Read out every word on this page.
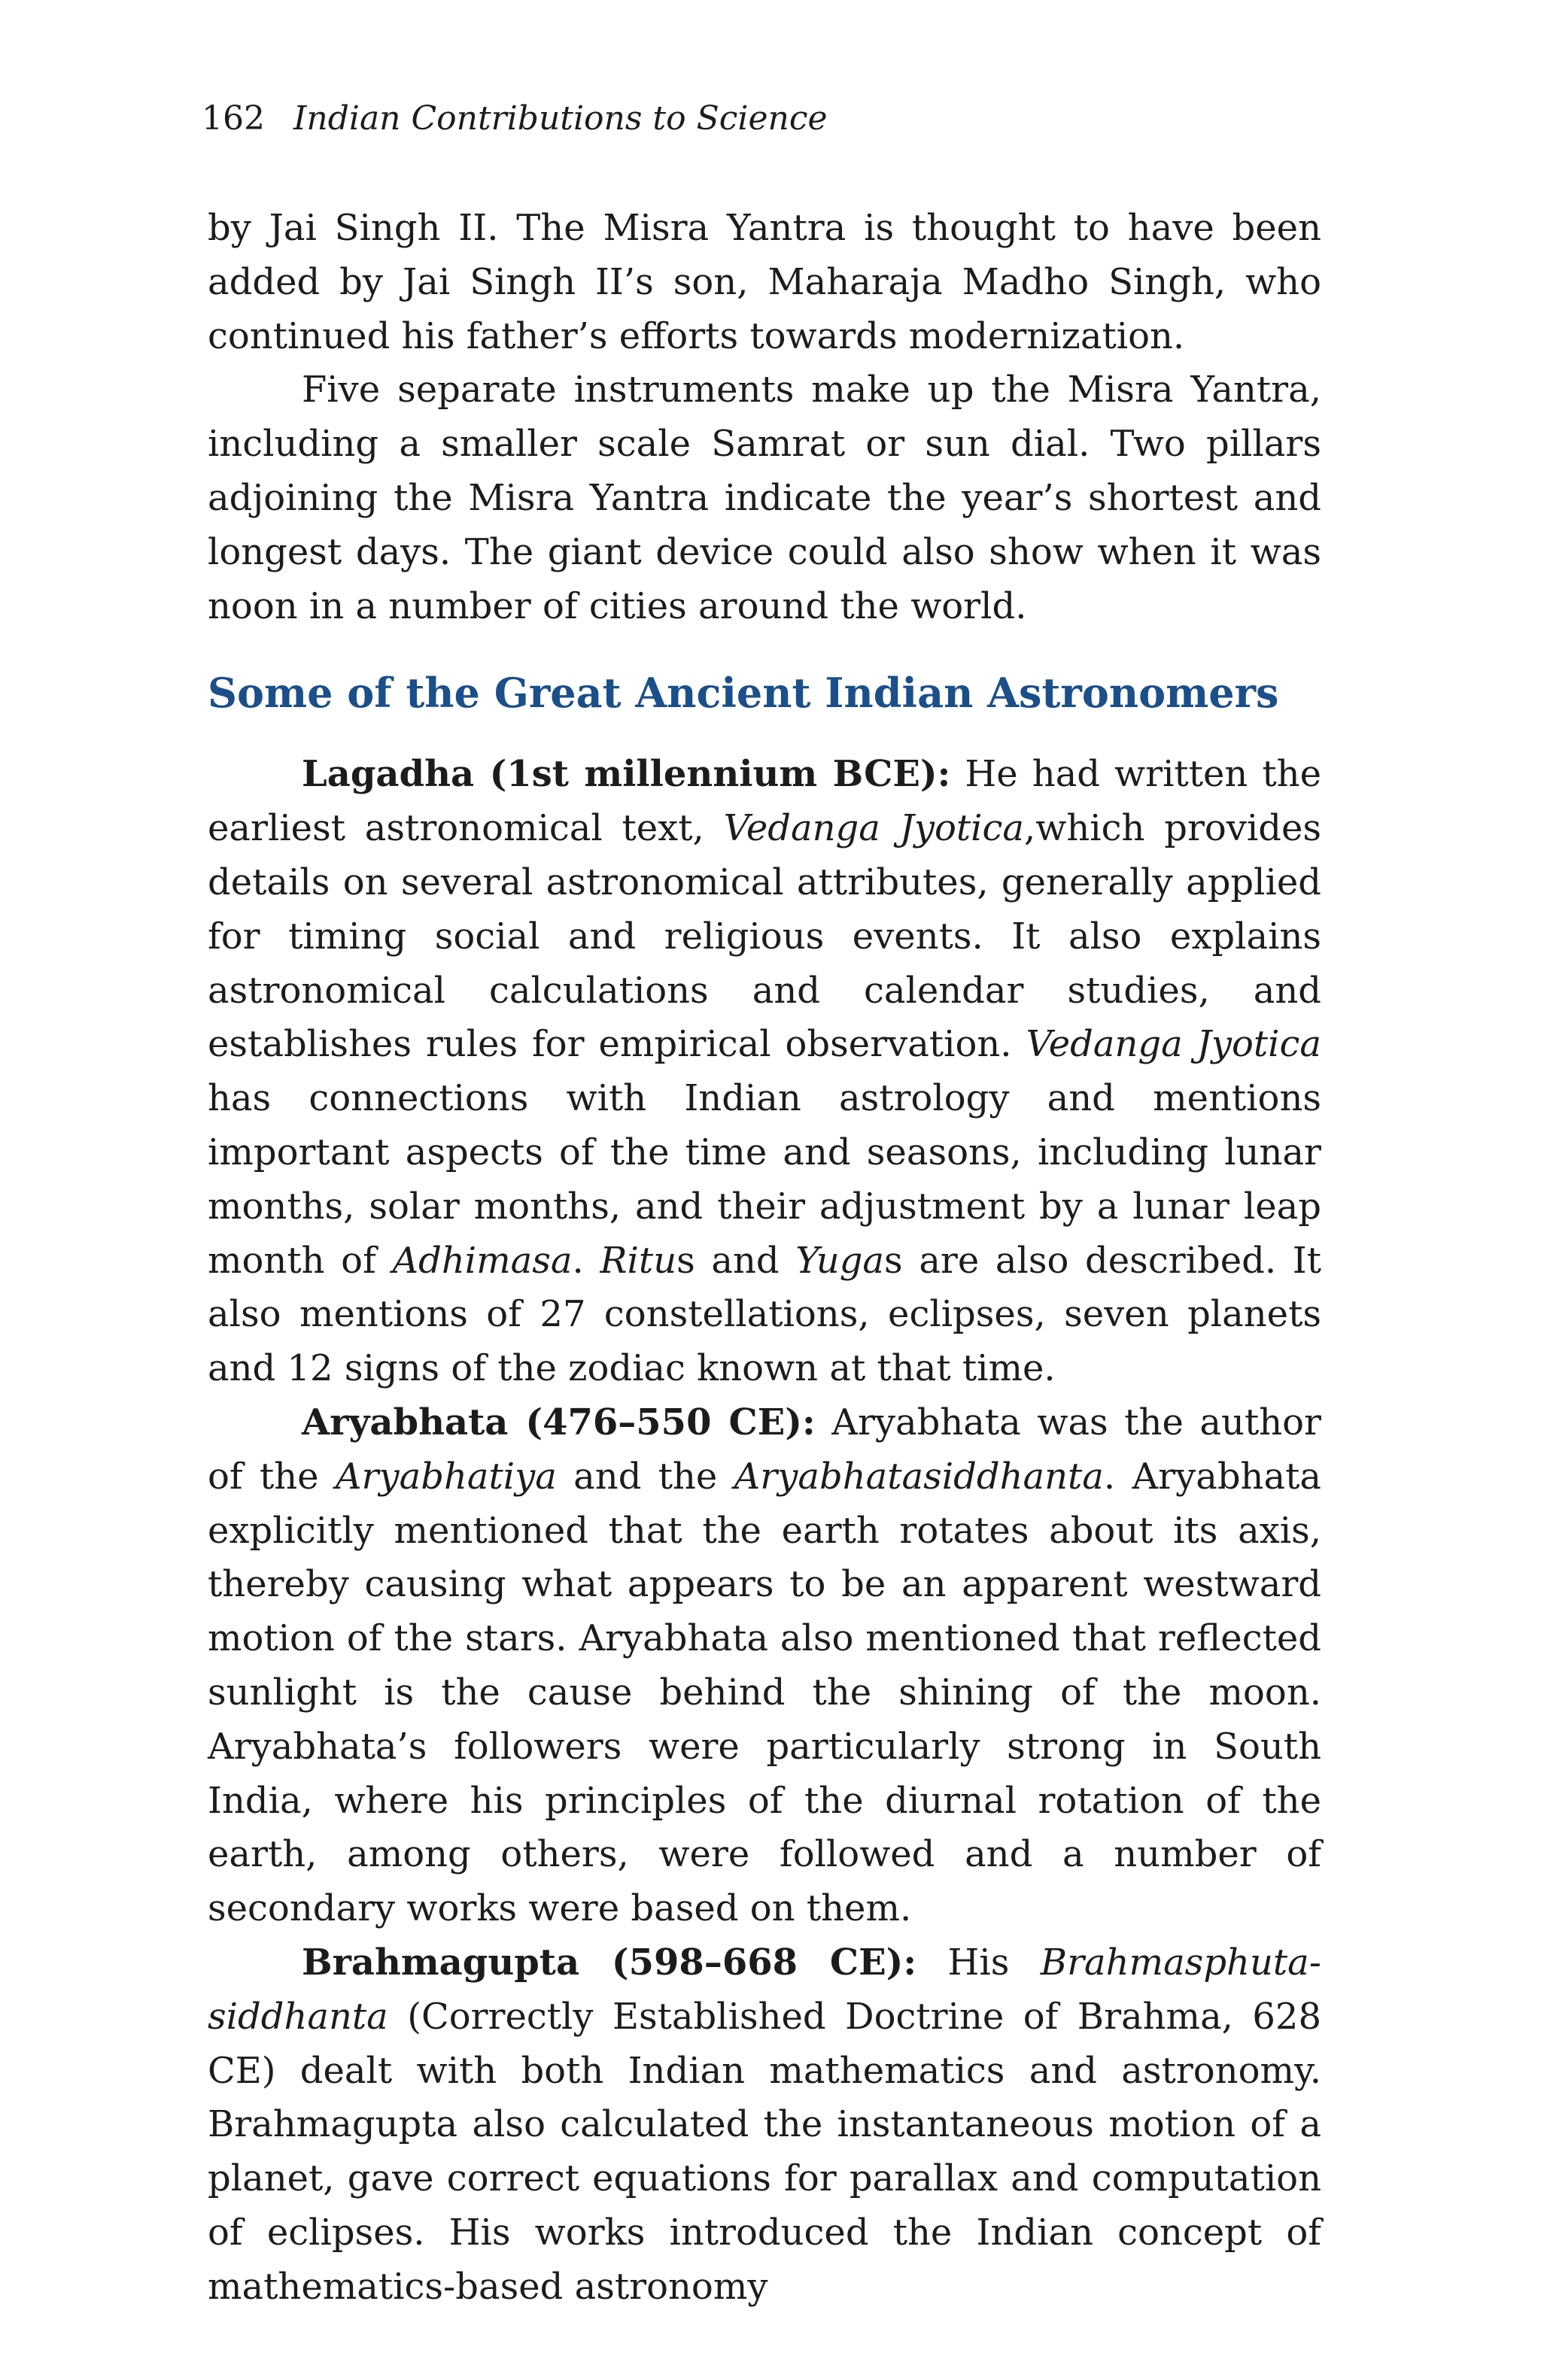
162 Indian Contributions to Science

by Jai Singh II. The Misra Yantra is thought to have been added by Jai Singh II’s son, Maharaja Madho Singh, who continued his father’s efforts towards modernization.

Five separate instruments make up the Misra Yantra, including a smaller scale Samrat or sun dial. Two pillars adjoining the Misra Yantra indicate the year’s shortest and longest days. The giant device could also show when it was noon in a number of cities around the world.

Some of the Great Ancient Indian Astronomers

Lagadha (1st millennium BCE): He had written the earliest astronomical text, Vedanga Jyotica,which provides details on several astronomical attributes, generally applied for timing social and religious events. It also explains astronomical calculations and calendar studies, and establishes rules for empirical observation. Vedanga Jyotica has connections with Indian astrology and mentions important aspects of the time and seasons, including lunar months, solar months, and their adjustment by a lunar leap month of Adhimasa. Ritus and Yugas are also described. It also mentions of 27 constellations, eclipses, seven planets and 12 signs of the zodiac known at that time.

Aryabhata (476–550 CE): Aryabhata was the author of the Aryabhatiya and the Aryabhatasiddhanta. Aryabhata explicitly mentioned that the earth rotates about its axis, thereby causing what appears to be an apparent westward motion of the stars. Aryabhata also mentioned that reflected sunlight is the cause behind the shining of the moon. Aryabhata’s followers were particularly strong in South India, where his principles of the diurnal rotation of the earth, among others, were followed and a number of secondary works were based on them.

Brahmagupta (598–668 CE): His Brahmasphuta-siddhanta (Correctly Established Doctrine of Brahma, 628 CE) dealt with both Indian mathematics and astronomy. Brahmagupta also calculated the instantaneous motion of a planet, gave correct equations for parallax and computation of eclipses. His works introduced the Indian concept of mathematics-based astronomy
